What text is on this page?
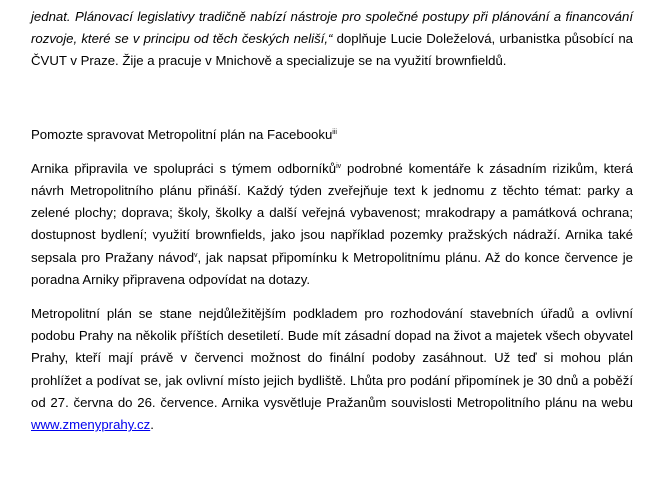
jednat. Plánovací legislativy tradičně nabízí nástroje pro společné postupy při plánování a financování rozvoje, které se v principu od těch českých neliší,“ doplňuje Lucie Doleželová, urbanistka působící na ČVUT v Praze. Žije a pracuje v Mnichově a specializuje se na využití brownfieldů.

Pomozte spravovat Metropolitní plán na Facebooku$^{iii}$

Arnika připravila ve spolupráci s týmem odborníků$^{iv}$ podrobné komentáře k zásadním rizikům, která návrh Metropolitního plánu přináší. Každý týden zveřejňuje text k jednomu z těchto témat: parky a zelené plochy; doprava; školy, školky a další veřejná vybavenost; mrakodrapy a památková ochrana; dostupnost bydlení; využití brownfields, jako jsou například pozemky pražských nádraží. Arnika také sepsala pro Pražany návod$^v$, jak napsat připomínku k Metropolitnímu plánu. Až do konce července je poradna Arniky připravena odpovídat na dotazy.

Metropolitní plán se stane nejdůležitějším podkladem pro rozhodování stavebních úřadů a ovlivní podobu Prahy na několik příštích desetiletí. Bude mít zásadní dopad na život a majetek všech obyvatel Prahy, kteří mají právě v červenci možnost do finální podoby zasáhnout. Už teď si mohou plán prohlížet a podívat se, jak ovlivní místo jejich bydliště. Lhůta pro podání připomínek je 30 dnů a poběží od 27. června do 26. července. Arnika vysvětluje Pražanům souvislosti Metropolitního plánu na webu www.zmenyprahy.cz.
